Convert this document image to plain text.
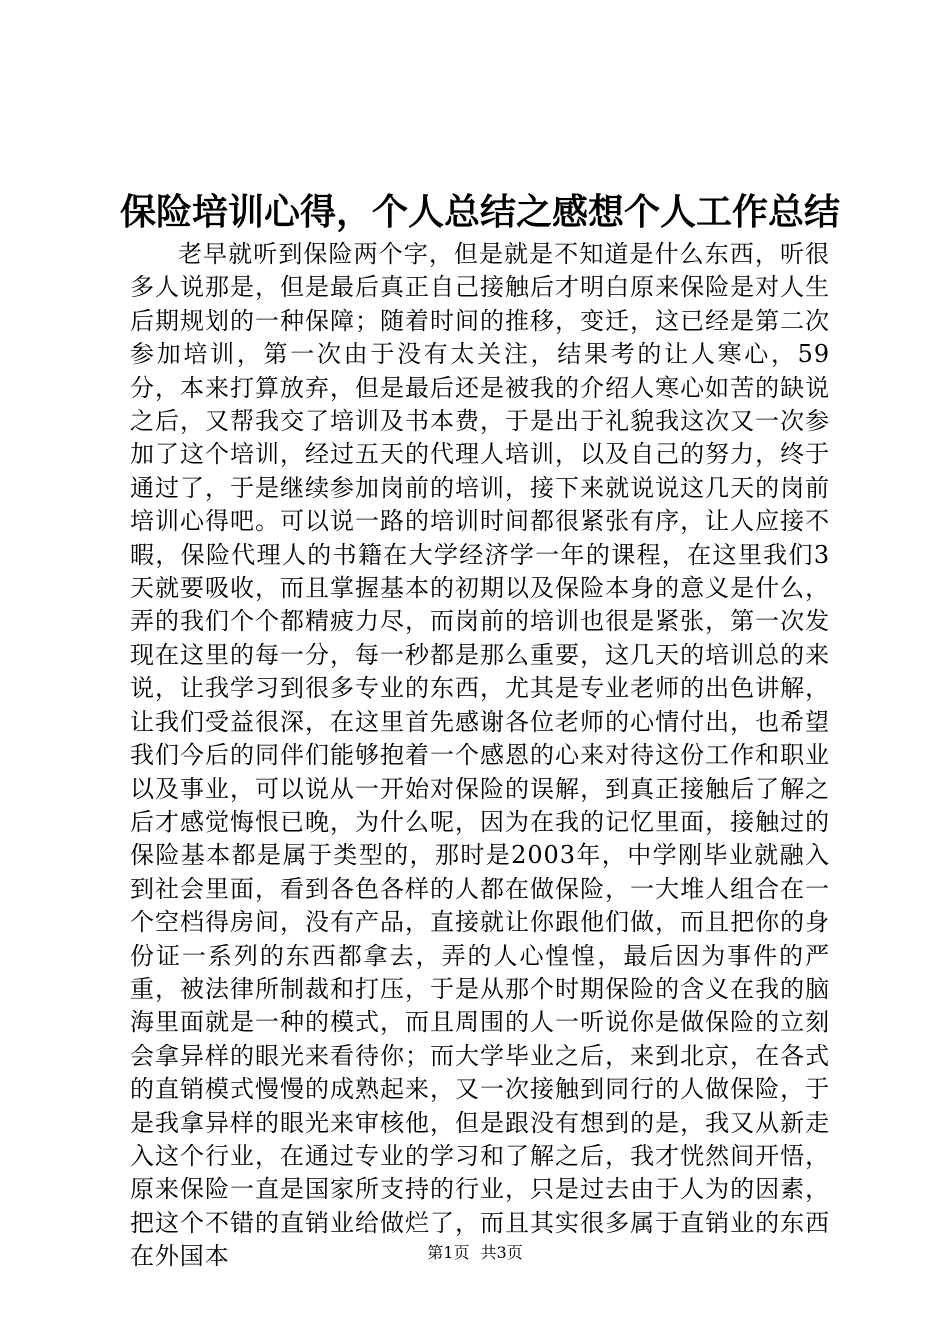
保险培训心得，个人总结之感想个人工作总结

老早就听到保险两个字，但是就是不知道是什么东西，听很多人说那是，但是最后真正自己接触后才明白原来保险是对人生后期规划的一种保障；随着时间的推移，变迁，这已经是第二次参加培训，第一次由于没有太关注，结果考的让人寒心，59分，本来打算放弃，但是最后还是被我的介绍人寒心如苦的缺说之后，又帮我交了培训及书本费，于是出于礼貌我这次又一次参加了这个培训，经过五天的代理人培训，以及自己的努力，终于通过了，于是继续参加岗前的培训，接下来就说说这几天的岗前培训心得吧。可以说一路的培训时间都很紧张有序，让人应接不暇，保险代理人的书籍在大学经济学一年的课程，在这里我们3天就要吸收，而且掌握基本的初期以及保险本身的意义是什么，弄的我们个个都精疲力尽，而岗前的培训也很是紧张，第一次发现在这里的每一分，每一秒都是那么重要，这几天的培训总的来说，让我学习到很多专业的东西，尤其是专业老师的出色讲解，让我们受益很深，在这里首先感谢各位老师的心情付出，也希望我们今后的同伴们能够抱着一个感恩的心来对待这份工作和职业以及事业，可以说从一开始对保险的误解，到真正接触后了解之后才感觉悔恨已晚，为什么呢，因为在我的记忆里面，接触过的保险基本都是属于类型的，那时是2003年，中学刚毕业就融入到社会里面，看到各色各样的人都在做保险，一大堆人组合在一个空档得房间，没有产品，直接就让你跟他们做，而且把你的身份证一系列的东西都拿去，弄的人心惶惶，最后因为事件的严重，被法律所制裁和打压，于是从那个时期保险的含义在我的脑海里面就是一种的模式，而且周围的人一听说你是做保险的立刻会拿异样的眼光来看待你；而大学毕业之后，来到北京，在各式的直销模式慢慢的成熟起来，又一次接触到同行的人做保险，于是我拿异样的眼光来审核他，但是跟没有想到的是，我又从新走入这个行业，在通过专业的学习和了解之后，我才恍然间开悟，原来保险一直是国家所支持的行业，只是过去由于人为的因素，把这个不错的直销业给做烂了，而且其实很多属于直销业的东西在外国本	第1页 共3页
